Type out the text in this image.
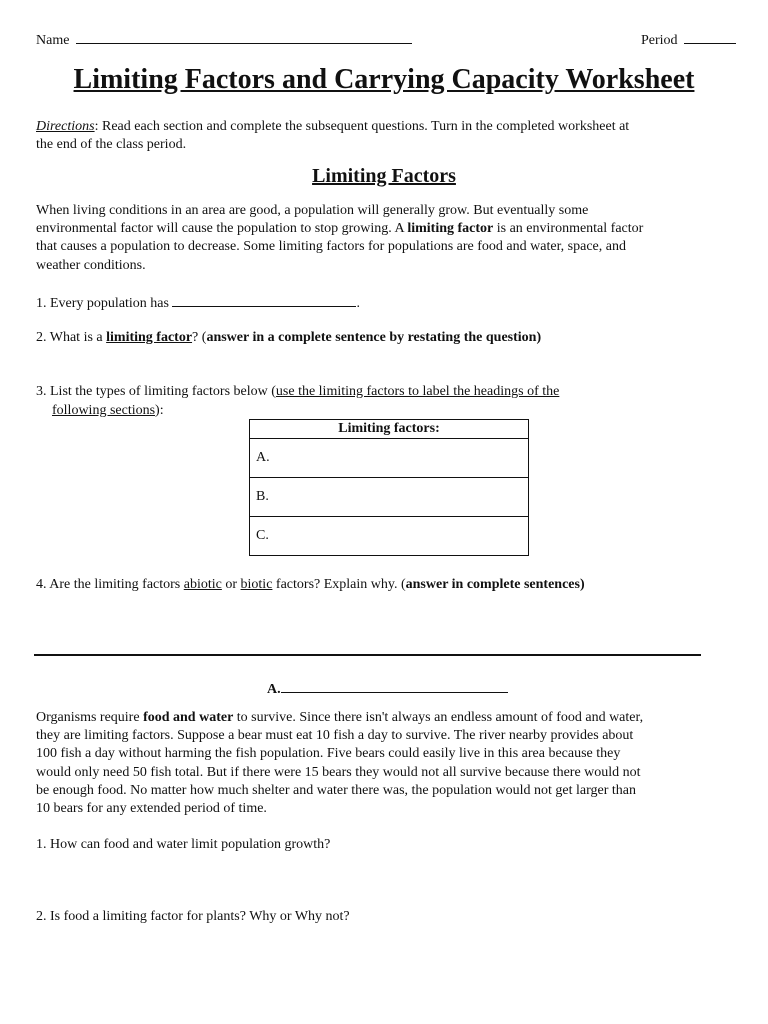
Name	Period
Limiting Factors and Carrying Capacity Worksheet
Directions: Read each section and complete the subsequent questions. Turn in the completed worksheet at
the end of the class period.
Limiting Factors
When living conditions in an area are good, a population will generally grow. But eventually some
environmental factor will cause the population to stop growing. A limiting factor is an environmental factor
that causes a population to decrease. Some limiting factors for populations are food and water, space, and
weather conditions.
1. Every population has	.
2. What is a limiting factor? (answer in a complete sentence by restating the question)
3. List the types of limiting factors below (use the limiting factors to label the headings of the
following sections):
Limiting factors:
A.
B.
C.
4. Are the limiting factors abiotic or biotic factors? Explain why. (answer in complete sentences)
A.
Organisms require food and water to survive. Since there isn't always an endless amount of food and water,
they are limiting factors. Suppose a bear must eat 10 fish a day to survive. The river nearby provides about
100 fish a day without harming the fish population. Five bears could easily live in this area because they
would only need 50 fish total. But if there were 15 bears they would not all survive because there would not
be enough food. No matter how much shelter and water there was, the population would not get larger than
10 bears for any extended period of time.
1. How can food and water limit population growth?
2. Is food a limiting factor for plants? Why or Why not?
